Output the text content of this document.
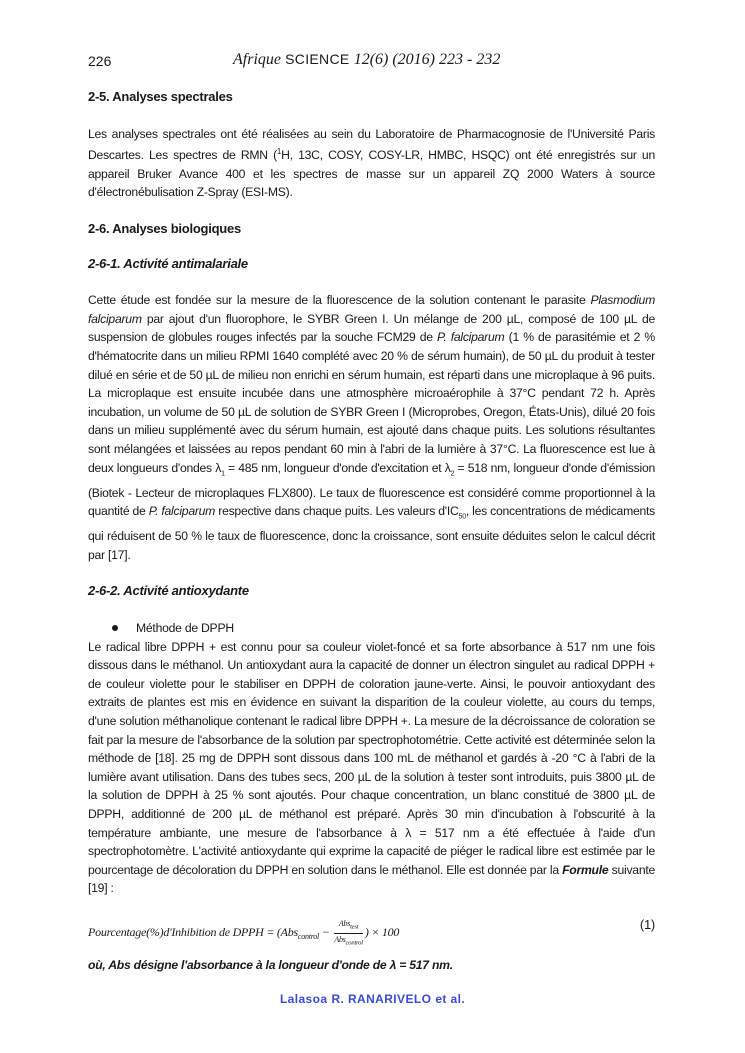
226	Afrique SCIENCE 12(6) (2016) 223 - 232
2-5. Analyses spectrales

Les analyses spectrales ont été réalisées au sein du Laboratoire de Pharmacognosie de l'Université Paris Descartes. Les spectres de RMN ($^1$H, 13C, COSY, COSY-LR, HMBC, HSQC) ont été enregistrés sur un appareil Bruker Avance 400 et les spectres de masse sur un appareil ZQ 2000 Waters à source d'électronébulisation Z-Spray (ESI-MS).

2-6. Analyses biologiques
2-6-1. Activité antimalariale

Cette étude est fondée sur la mesure de la fluorescence de la solution contenant le parasite Plasmodium falciparum par ajout d'un fluorophore, le SYBR Green I. Un mélange de 200 µL, composé de 100 µL de suspension de globules rouges infectés par la souche FCM29 de P. falciparum (1 % de parasitémie et 2 % d'hématocrite dans un milieu RPMI 1640 complété avec 20 % de sérum humain), de 50 µL du produit à tester dilué en série et de 50 µL de milieu non enrichi en sérum humain, est réparti dans une microplaque à 96 puits. La microplaque est ensuite incubée dans une atmosphère microaérophile à 37°C pendant 72 h. Après incubation, un volume de 50 µL de solution de SYBR Green I (Microprobes, Oregon, États-Unis), dilué 20 fois dans un milieu supplémenté avec du sérum humain, est ajouté dans chaque puits. Les solutions résultantes sont mélangées et laissées au repos pendant 60 min à l'abri de la lumière à 37°C. La fluorescence est lue à deux longueurs d'ondes $\lambda_1 = 485$ nm, longueur d'onde d'excitation et $\lambda_2 = 518$ nm, longueur d'onde d'émission (Biotek - Lecteur de microplaques FLX800). Le taux de fluorescence est considéré comme proportionnel à la quantité de P. falciparum respective dans chaque puits. Les valeurs $d'IC_{50}$, les concentrations de médicaments qui réduisent de 50 % le taux de fluorescence, donc la croissance, sont ensuite déduites selon le calcul décrit par [17].

2-6-2. Activité antioxydante
Méthode de DPPH

Le radical libre DPPH + est connu pour sa couleur violet-foncé et sa forte absorbance à 517 nm une fois dissous dans le méthanol. Un antioxydant aura la capacité de donner un électron singulet au radical DPPH + de couleur violette pour le stabiliser en DPPH de coloration jaune-verte. Ainsi, le pouvoir antioxydant des extraits de plantes est mis en évidence en suivant la disparition de la couleur violette, au cours du temps, d'une solution méthanolique contenant le radical libre DPPH +. La mesure de la décroissance de coloration se fait par la mesure de l'absorbance de la solution par spectrophotométrie. Cette activité est déterminée selon la méthode de [18]. 25 mg de DPPH sont dissous dans 100 mL de méthanol et gardés à -20 °C à l'abri de la lumière avant utilisation. Dans des tubes secs, 200 µL de la solution à tester sont introduits, puis 3800 µL de la solution de DPPH à 25 % sont ajoutés. Pour chaque concentration, un blanc constitué de 3800 µL de DPPH, additionné de 200 µL de méthanol est préparé. Après 30 min d'incubation à l'obscurité à la température ambiante, une mesure de l'absorbance à λ = 517 nm a été effectuée à l'aide d'un spectrophotomètre. L'activité antioxydante qui exprime la capacité de piéger le radical libre est estimée par le pourcentage de décoloration du DPPH en solution dans le méthanol. Elle est donnée par la Formule suivante [19] :

Pourcentage(%)d'Inhibition de DPPH = ($Abs_{control} - \frac{Abs_{test}}{Abs_{control}}$ ) × 100	(1)
où, Abs désigne l'absorbance à la longueur d'onde de λ = 517 nm.
Lalasoa R. RANARIVELO et al.
